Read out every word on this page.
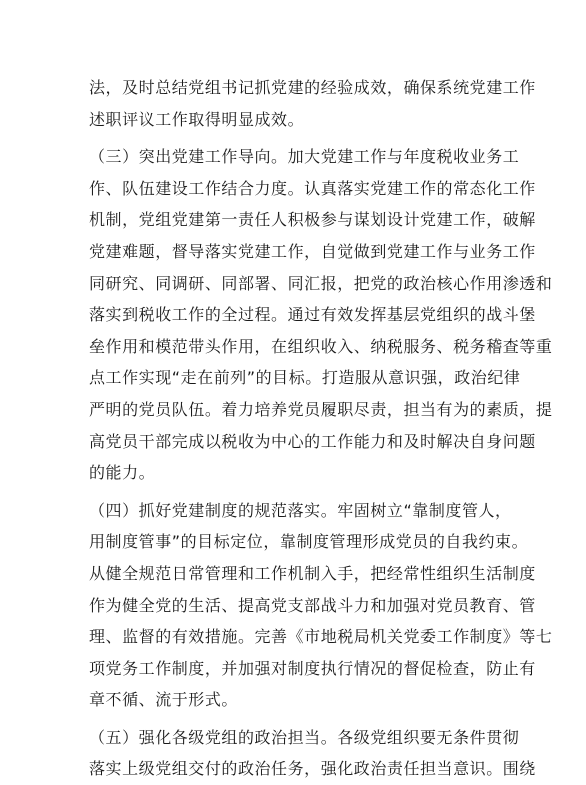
法，及时总结党组书记抓党建的经验成效，确保系统党建工作
述职评议工作取得明显成效。
（三）突出党建工作导向。加大党建工作与年度税收业务工
作、队伍建设工作结合力度。认真落实党建工作的常态化工作
机制，党组党建第一责任人积极参与谋划设计党建工作，破解
党建难题，督导落实党建工作，自觉做到党建工作与业务工作
同研究、同调研、同部署、同汇报，把党的政治核心作用渗透和
落实到税收工作的全过程。通过有效发挥基层党组织的战斗堡
垒作用和模范带头作用，在组织收入、纳税服务、税务稽查等重
点工作实现“走在前列”的目标。打造服从意识强，政治纪律
严明的党员队伍。着力培养党员履职尽责，担当有为的素质，提
高党员干部完成以税收为中心的工作能力和及时解决自身问题
的能力。
（四）抓好党建制度的规范落实。牢固树立“靠制度管人，
用制度管事”的目标定位，靠制度管理形成党员的自我约束。
从健全规范日常管理和工作机制入手，把经常性组织生活制度
作为健全党的生活、提高党支部战斗力和加强对党员教育、管
理、监督的有效措施。完善《市地税局机关党委工作制度》等七
项党务工作制度，并加强对制度执行情况的督促检查，防止有
章不循、流于形式。
（五）强化各级党组的政治担当。各级党组织要无条件贯彻
落实上级党组交付的政治任务，强化政治责任担当意识。围绕
